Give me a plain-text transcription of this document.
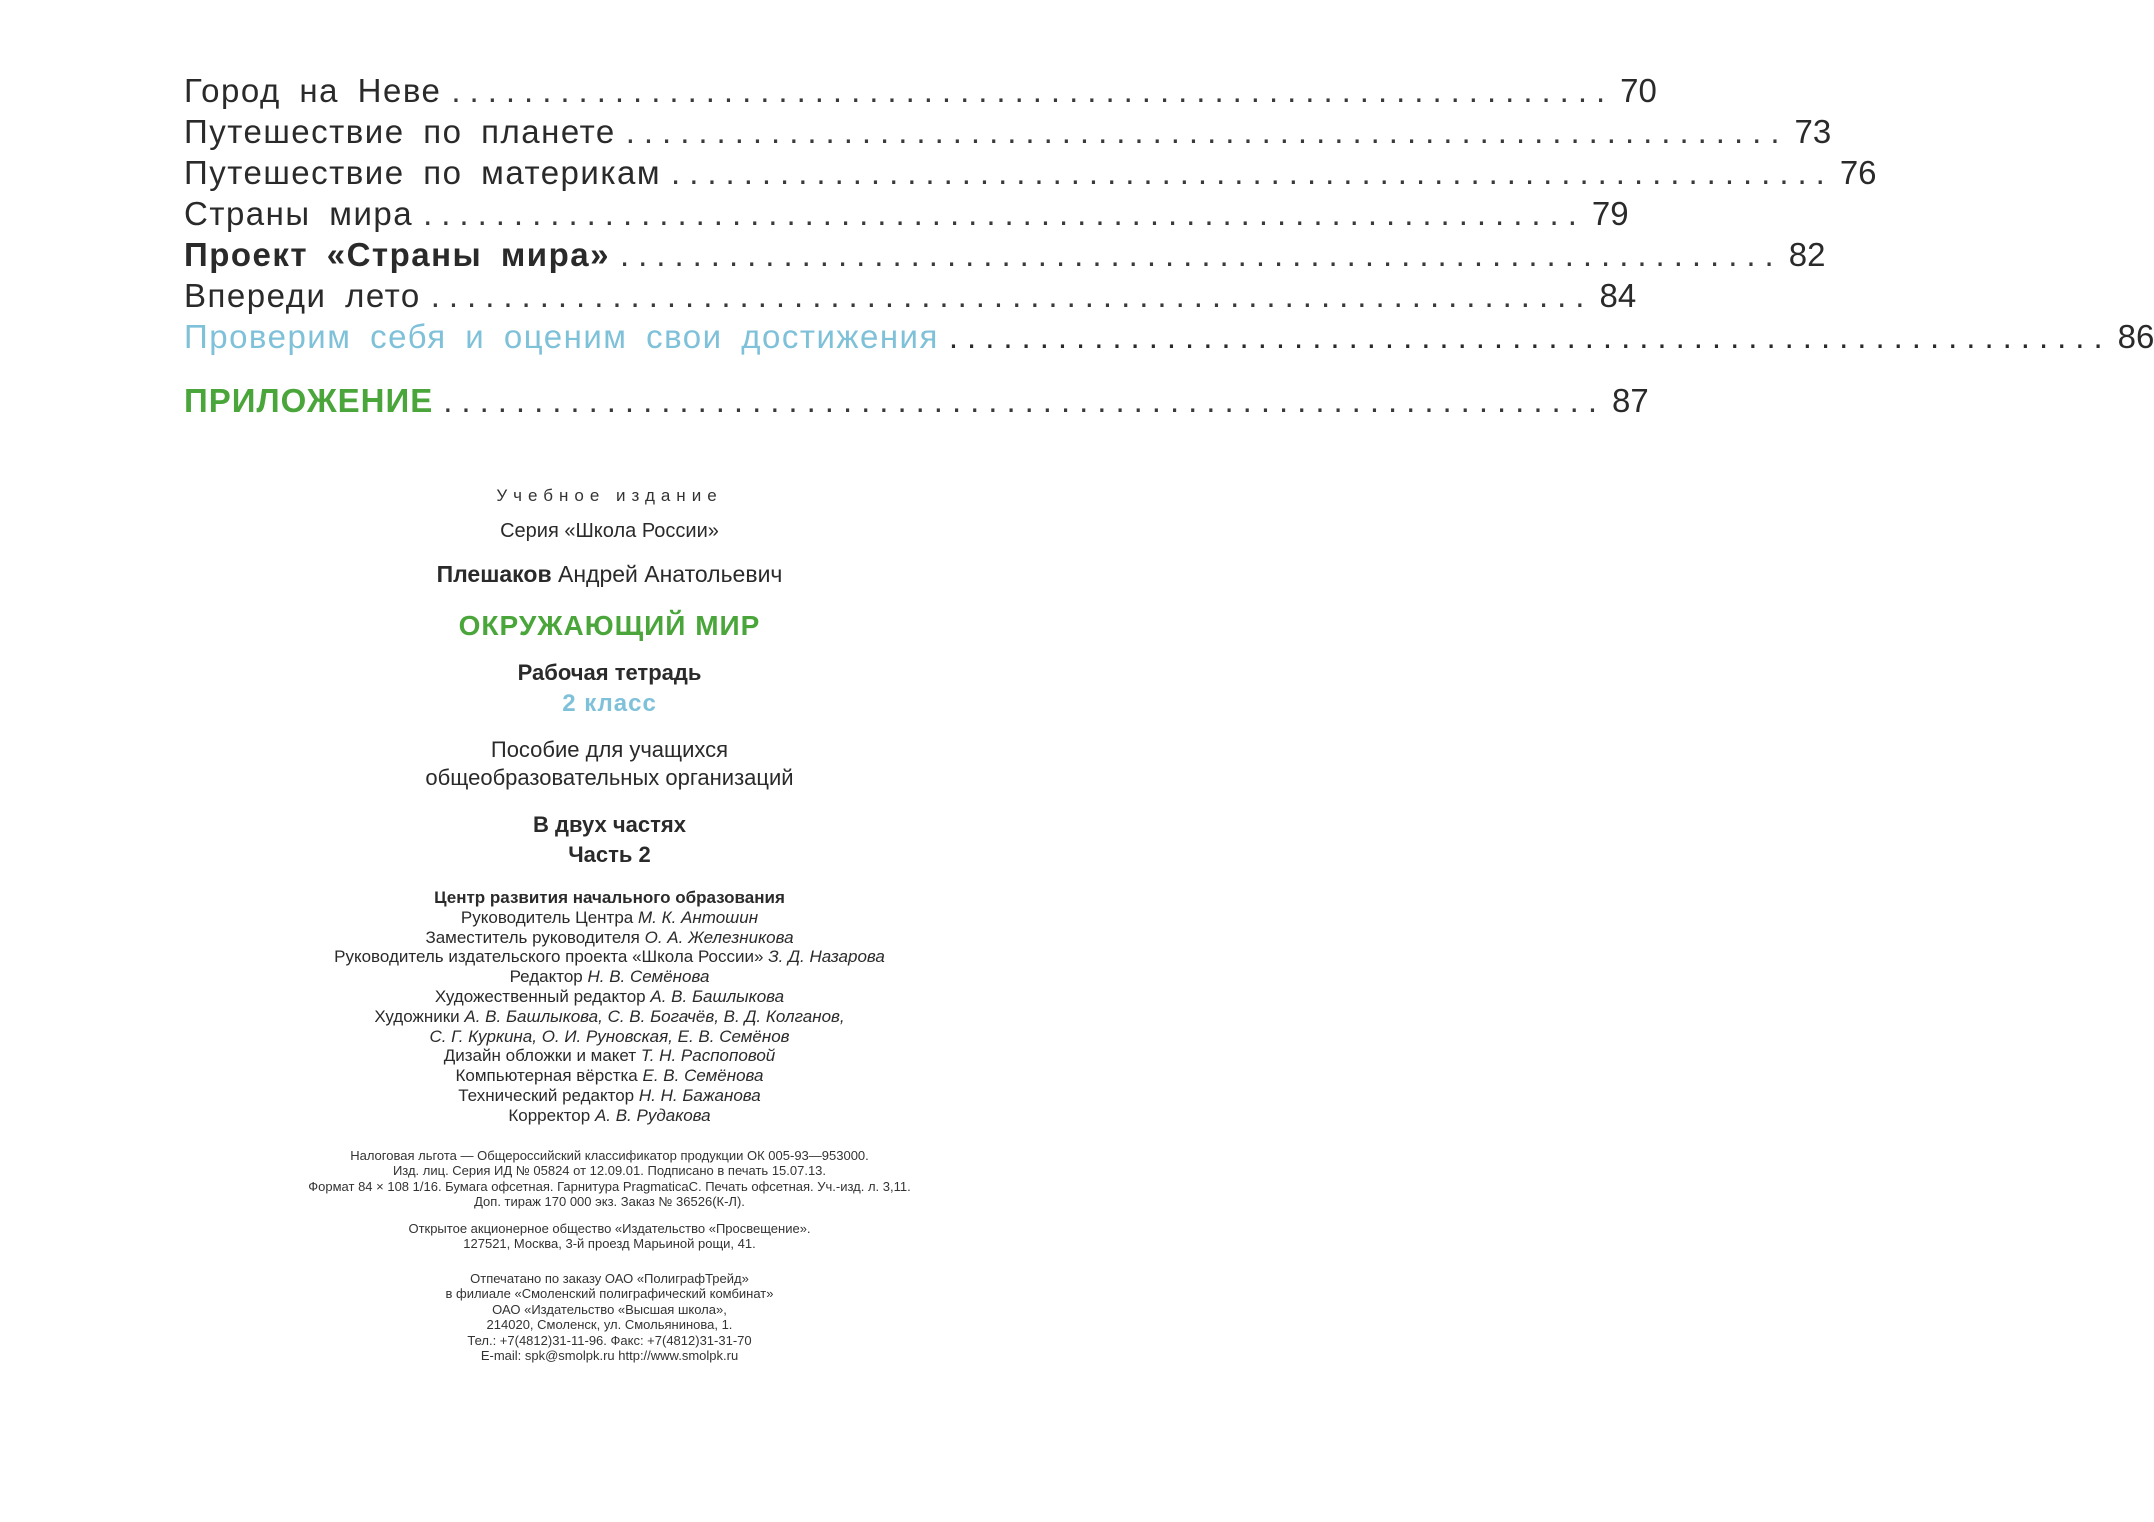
Город на Неве ................................................................ 70
Путешествие по планете ................................................................ 73
Путешествие по материкам ................................................................ 76
Страны мира ................................................................ 79
Проект «Страны мира» ................................................................ 82
Впереди лето ................................................................ 84
Проверим себя и оценим свои достижения ................................................................ 86
ПРИЛОЖЕНИЕ ................................................................ 87
Учебное издание
Серия «Школа России»
Плешаков Андрей Анатольевич
ОКРУЖАЮЩИЙ МИР
Рабочая тетрадь
2 класс
Пособие для учащихся
общеобразовательных организаций
В двух частях
Часть 2
Центр развития начального образования
Руководитель Центра М. К. Антошин
Заместитель руководителя О. А. Железникова
Руководитель издательского проекта «Школа России» З. Д. Назарова
Редактор Н. В. Семёнова
Художественный редактор А. В. Башлыкова
Художники А. В. Башлыкова, С. В. Богачёв, В. Д. Колганов,
С. Г. Куркина, О. И. Руновская, Е. В. Семёнов
Дизайн обложки и макет Т. Н. Распоповой
Компьютерная вёрстка Е. В. Семёнова
Технический редактор Н. Н. Бажанова
Корректор А. В. Рудакова
Налоговая льгота — Общероссийский классификатор продукции ОК 005-93—953000.
Изд. лиц. Серия ИД № 05824 от 12.09.01. Подписано в печать 15.07.13.
Формат 84 × 108 1/16. Бумага офсетная. Гарнитура PragmaticaC. Печать офсетная. Уч.-изд. л. 3,11.
Доп. тираж 170 000 экз. Заказ № 36526(К-Л).
Открытое акционерное общество «Издательство «Просвещение».
127521, Москва, 3-й проезд Марьиной рощи, 41.
Отпечатано по заказу ОАО «ПолиграфТрейд»
в филиале «Смоленский полиграфический комбинат»
ОАО «Издательство «Высшая школа»,
214020, Смоленск, ул. Смольянинова, 1.
Тел.: +7(4812)31-11-96. Факс: +7(4812)31-31-70
E-mail: spk@smolpk.ru http://www.smolpk.ru
